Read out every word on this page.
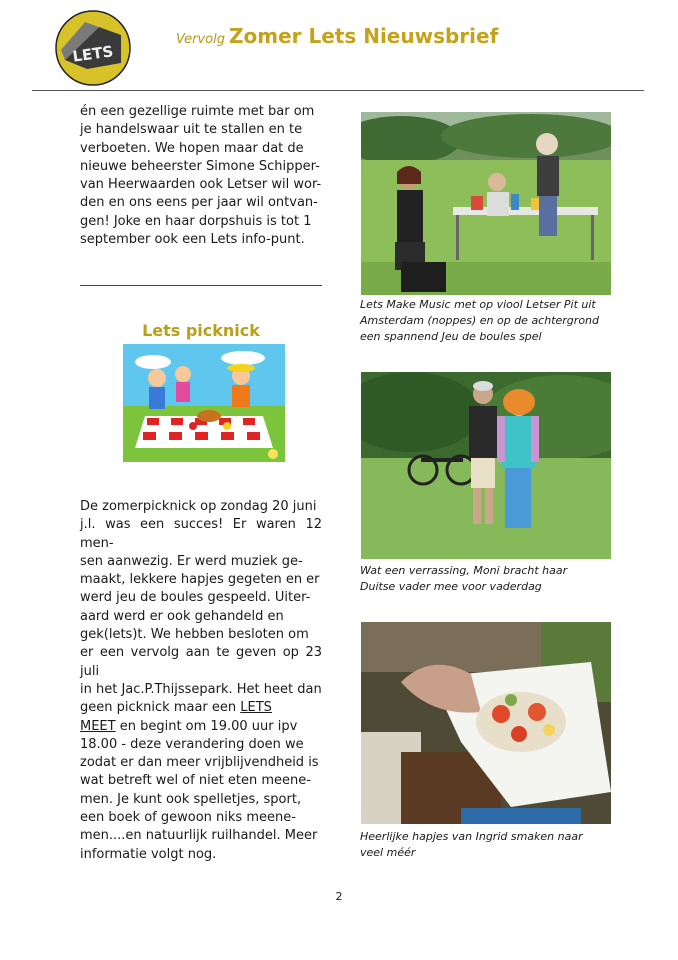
LETS
Vervolg Zomer Lets Nieuwsbrief

én een gezellige ruimte met bar om

je handelswaar uit te stallen en te

verboeten. We hopen maar dat de

nieuwe beheerster Simone Schipper-

van Heerwaarden ook Letser wil wor-

den en ons eens per jaar wil ontvan-

gen! Joke en haar dorpshuis is tot 1

september ook een Lets info-punt.

Lets picknick

De zomerpicknick op zondag 20 juni

j.l. was een succes! Er waren 12 men-

sen aanwezig. Er werd muziek ge-

maakt, lekkere hapjes gegeten en er

werd jeu de boules gespeeld. Uiter-

aard werd er ook gehandeld en

gek(lets)t. We hebben besloten om

er een vervolg aan te geven op 23 juli

in het Jac.P.Thijssepark. Het heet dan

geen picknick maar een LETS

MEET en begint om 19.00 uur ipv

18.00 - deze verandering doen we

zodat er dan meer vrijblijvendheid is

wat betreft wel of niet eten meene-

men. Je kunt ook spelletjes, sport,

een boek of gewoon niks meene-

men....en natuurlijk ruilhandel. Meer

informatie volgt nog.

Lets Make Music met op viool Letser Pit uit
Amsterdam (noppes) en op de achtergrond
een spannend Jeu de boules spel
Wat een verrassing, Moni bracht haar
Duitse vader mee voor vaderdag
Heerlijke hapjes van Ingrid smaken naar
veel méér
2
